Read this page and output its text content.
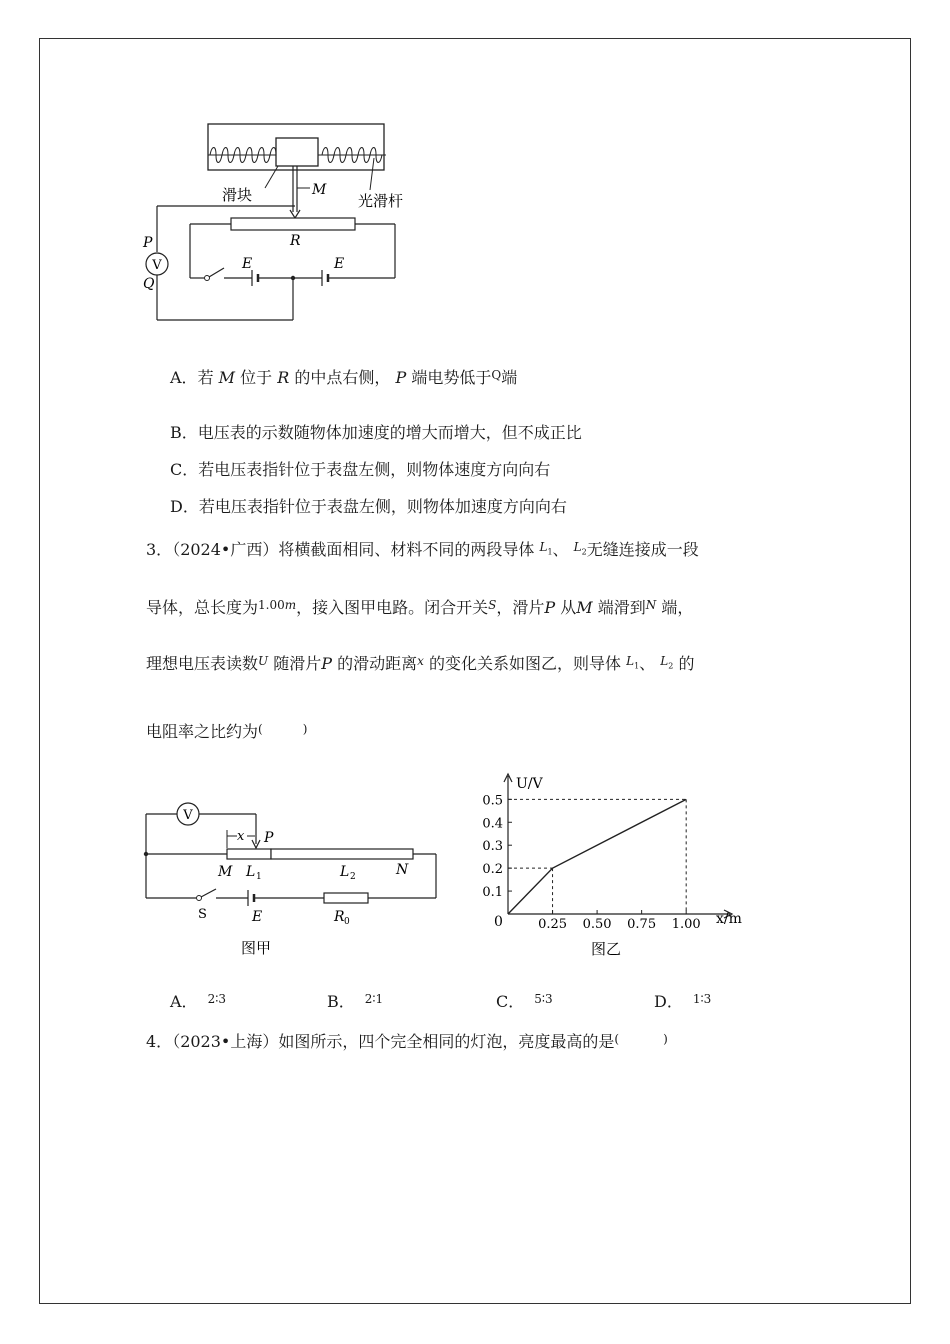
滑块	M
光滑杆
V
P
Q
R
E	E
A．若 M 位于 R 的中点右侧， P 端电势低于$^Q$端
B．电压表的示数随物体加速度的增大而增大，但不成正比
C．若电压表指针位于表盘左侧，则物体速度方向向右
D．若电压表指针位于表盘左侧，则物体加速度方向向右
3．（2024•广西）将横截面相同、材料不同的两段导体 $^{L_1}$、 $^{L_2}$无缝连接成一段
导体，总长度为$^{1.00m}$，接入图甲电路。闭合开关$^S$，滑片P 从M 端滑到$^N$ 端，
理想电压表读数$^U$ 随滑片P 的滑动距离$^x$ 的变化关系如图乙，则导体 $^{L_1}$、 $^{L_2}$ 的
电阻率之比约为(	)
V
P
x
M L 1	L 2	N
S	E	R 0
图甲
0.25 0.50 0.75 1.00
0.1
0.2
0.3
0.4
0.5
U/V
x/m
0
图乙
A． $^{2∶3}$	B． $^{2∶1}$	C． $^{5∶3}$	D． $^{1∶3}$
4．（2023•上海）如图所示，四个完全相同的灯泡，亮度最高的是(	)
